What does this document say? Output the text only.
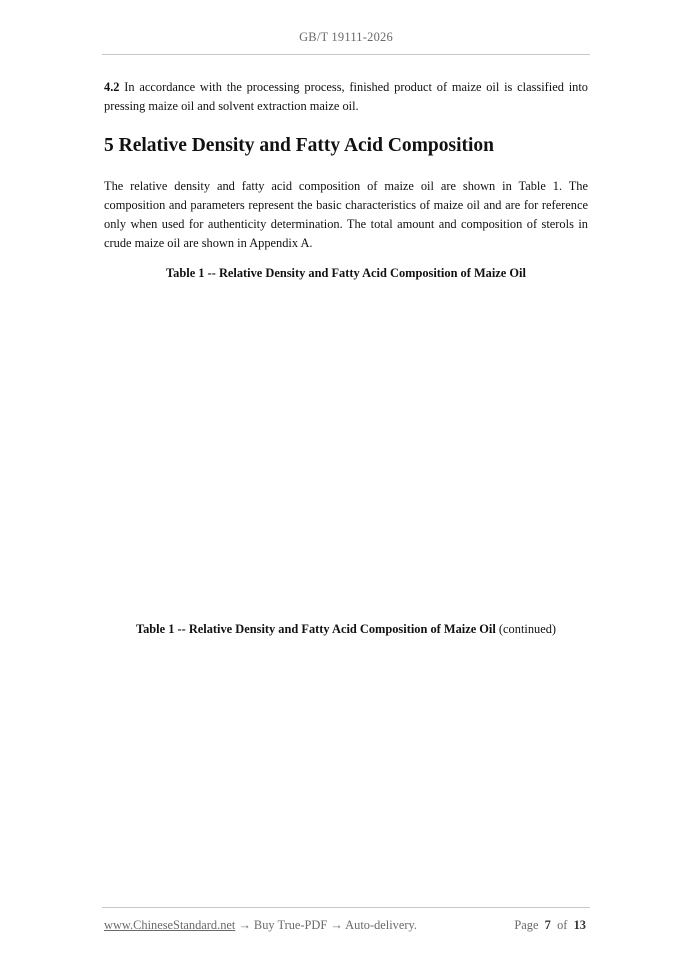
GB/T 19111-2026

4.2 In accordance with the processing process, finished product of maize oil is classified into pressing maize oil and solvent extraction maize oil.

5 Relative Density and Fatty Acid Composition

The relative density and fatty acid composition of maize oil are shown in Table 1. The composition and parameters represent the basic characteristics of maize oil and are for reference only when used for authenticity determination. The total amount and composition of sterols in crude maize oil are shown in Appendix A.

Table 1 -- Relative Density and Fatty Acid Composition of Maize Oil
Table 1 -- Relative Density and Fatty Acid Composition of Maize Oil (continued)
www.ChineseStandard.net → Buy True-PDF → Auto-delivery.	Page 7 of 13
